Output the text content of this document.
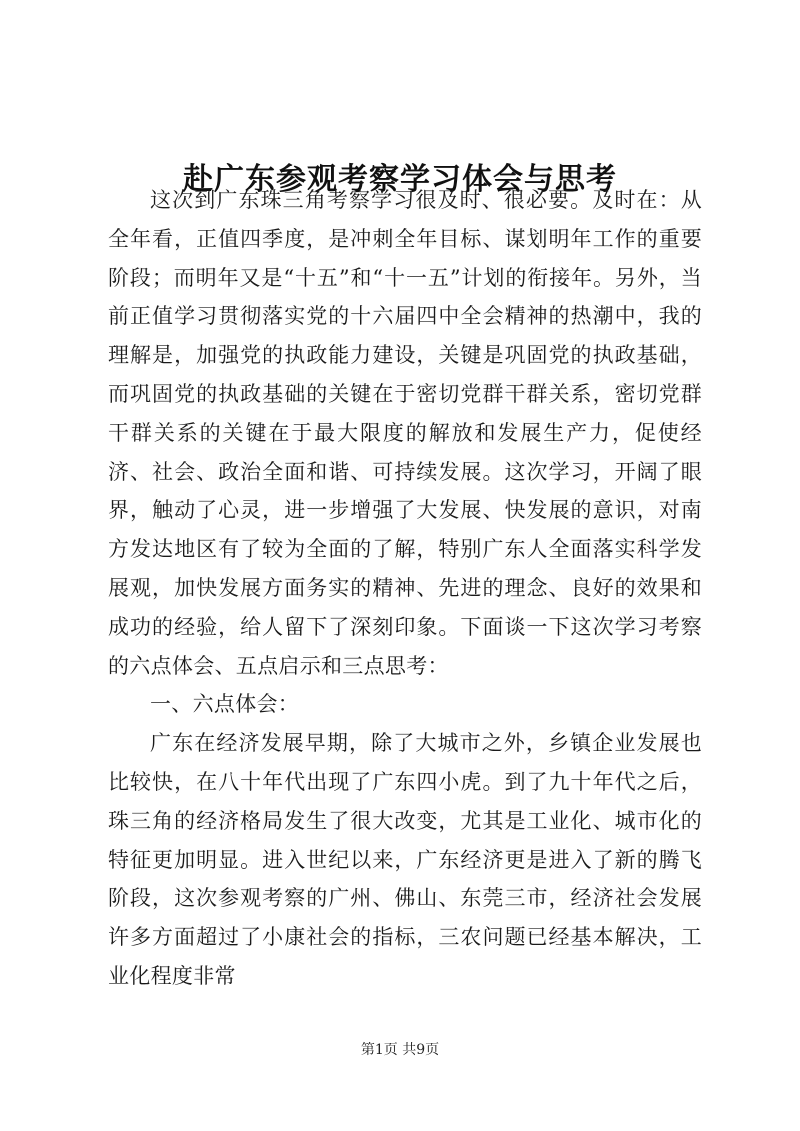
赴广东参观考察学习体会与思考

这次到广东珠三角考察学习很及时、很必要。及时在：从全年看，正值四季度，是冲刺全年目标、谋划明年工作的重要阶段；而明年又是“十五”和“十一五”计划的衔接年。另外，当前正值学习贯彻落实党的十六届四中全会精神的热潮中，我的理解是，加强党的执政能力建设，关键是巩固党的执政基础，而巩固党的执政基础的关键在于密切党群干群关系，密切党群干群关系的关键在于最大限度的解放和发展生产力，促使经济、社会、政治全面和谐、可持续发展。这次学习，开阔了眼界，触动了心灵，进一步增强了大发展、快发展的意识，对南方发达地区有了较为全面的了解，特别广东人全面落实科学发展观，加快发展方面务实的精神、先进的理念、良好的效果和成功的经验，给人留下了深刻印象。下面谈一下这次学习考察的六点体会、五点启示和三点思考：

一、六点体会：

广东在经济发展早期，除了大城市之外，乡镇企业发展也比较快，在八十年代出现了广东四小虎。到了九十年代之后，珠三角的经济格局发生了很大改变，尤其是工业化、城市化的特征更加明显。进入世纪以来，广东经济更是进入了新的腾飞阶段，这次参观考察的广州、佛山、东莞三市，经济社会发展许多方面超过了小康社会的指标，三农问题已经基本解决，工业化程度非常

第1页 共9页
